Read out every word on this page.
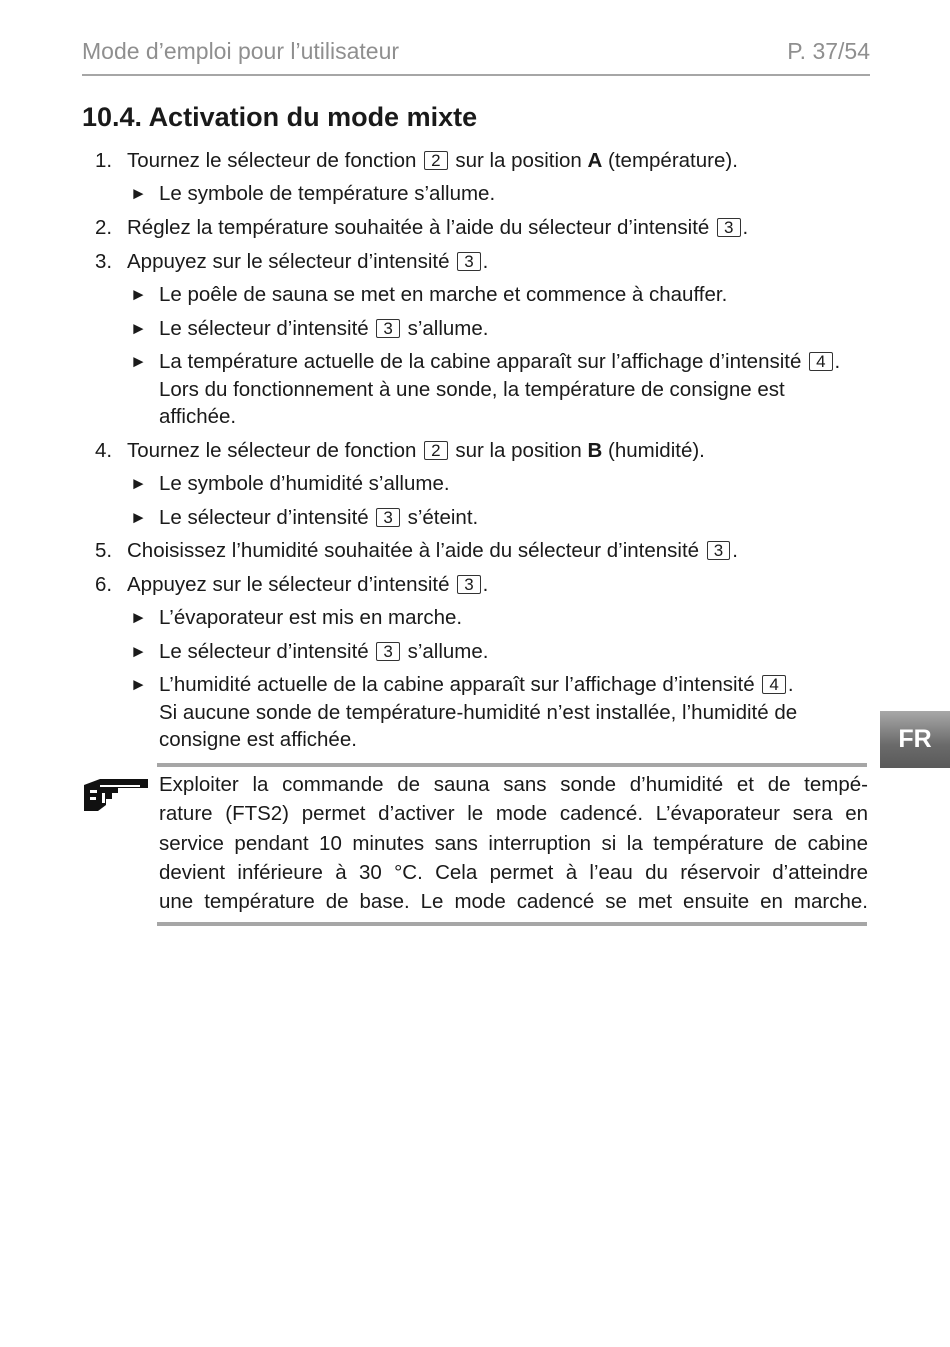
Mode d’emploi pour l’utilisateur	P. 37/54
10.4. Activation du mode mixte
1. Tournez le sélecteur de fonction 2 sur la position A (température).
► Le symbole de température s’allume.
2. Réglez la température souhaitée à l’aide du sélecteur d’intensité 3 .
3. Appuyez sur le sélecteur d’intensité 3 .
► Le poêle de sauna se met en marche et commence à chauffer.
► Le sélecteur d’intensité 3 s’allume.
► La température actuelle de la cabine apparaît sur l’affichage d’intensité 4 .
Lors du fonctionnement à une sonde, la température de consigne est
affichée.
4. Tournez le sélecteur de fonction 2 sur la position B (humidité).
► Le symbole d’humidité s’allume.
► Le sélecteur d’intensité 3 s’éteint.
5. Choisissez l’humidité souhaitée à l’aide du sélecteur d’intensité 3 .
6. Appuyez sur le sélecteur d’intensité 3 .
► L’évaporateur est mis en marche.
► Le sélecteur d’intensité 3 s’allume.
► L’humidité actuelle de la cabine apparaît sur l’affichage d’intensité 4 .
Si aucune sonde de température-humidité n’est installée, l’humidité de
consigne est affichée.	FR
Exploiter la commande de sauna sans sonde d’humidité et de tempé-
rature (FTS2) permet d’activer le mode cadencé. L’évaporateur sera en
service pendant 10 minutes sans interruption si la température de cabine
devient inférieure à 30 °C. Cela permet à l’eau du réservoir d’atteindre
une température de base. Le mode cadencé se met ensuite en marche.
